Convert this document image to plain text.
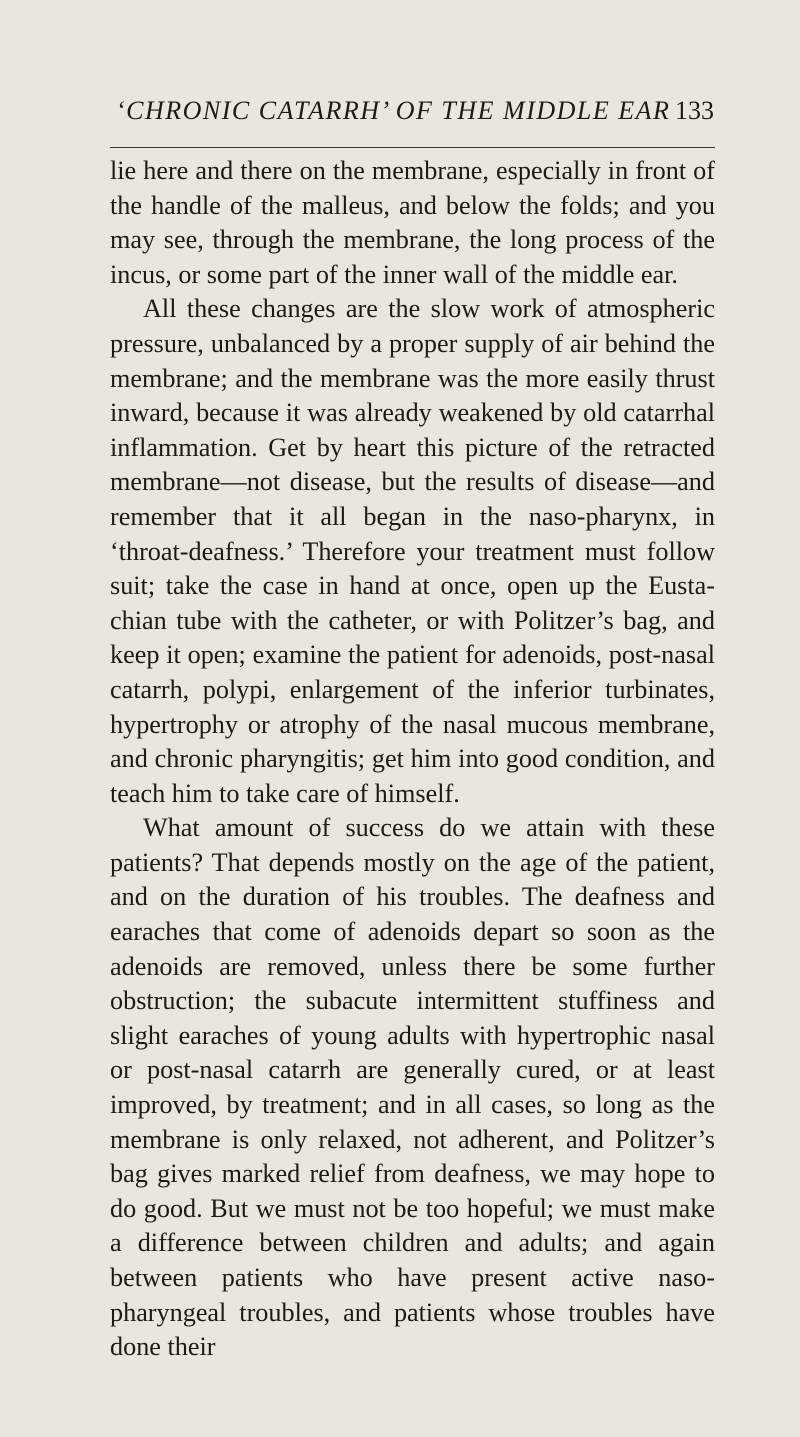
‘CHRONIC CATARRH’ OF THE MIDDLE EAR 133

lie here and there on the membrane, especially in front of the handle of the malleus, and below the folds; and you may see, through the membrane, the long process of the incus, or some part of the inner wall of the middle ear.

All these changes are the slow work of atmospheric pressure, unbalanced by a proper supply of air behind the membrane; and the membrane was the more easily thrust inward, because it was already weakened by old catarrhal inflammation. Get by heart this picture of the retracted membrane—not disease, but the results of disease—and remember that it all began in the naso-pharynx, in ‘throat-deafness.’ Therefore your treatment must follow suit; take the case in hand at once, open up the Eustachian tube with the catheter, or with Politzer’s bag, and keep it open; examine the patient for adenoids, post-nasal catarrh, polypi, enlargement of the inferior turbinates, hypertrophy or atrophy of the nasal mucous membrane, and chronic pharyngitis; get him into good condition, and teach him to take care of himself.

What amount of success do we attain with these patients? That depends mostly on the age of the patient, and on the duration of his troubles. The deafness and earaches that come of adenoids depart so soon as the adenoids are removed, unless there be some further obstruction; the subacute intermittent stuffiness and slight earaches of young adults with hypertrophic nasal or post-nasal catarrh are generally cured, or at least improved, by treatment; and in all cases, so long as the membrane is only relaxed, not adherent, and Politzer’s bag gives marked relief from deafness, we may hope to do good. But we must not be too hopeful; we must make a difference between children and adults; and again between patients who have present active naso-pharyngeal troubles, and patients whose troubles have done their
